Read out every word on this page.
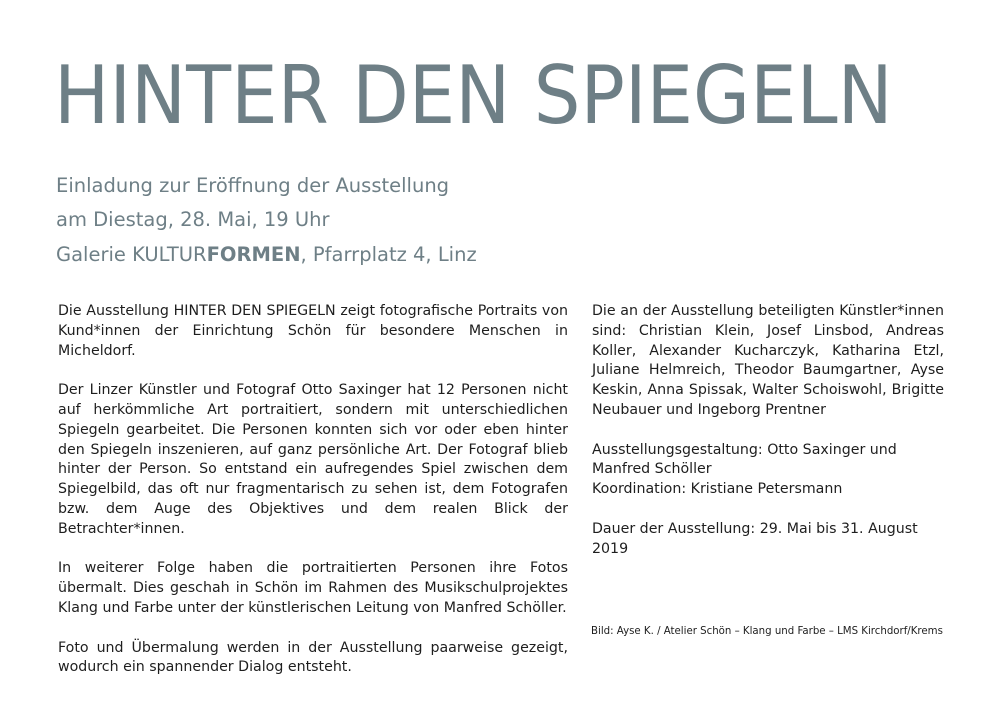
HINTER DEN SPIEGELN
Einladung zur Eröffnung der Ausstellung
am Diestag, 28. Mai, 19 Uhr
Galerie KULTURFORMEN, Pfarrplatz 4, Linz

Die Ausstellung HINTER DEN SPIEGELN zeigt fotografische Portraits von Kund*innen der Einrichtung Schön für besondere Menschen in Micheldorf.

Der Linzer Künstler und Fotograf Otto Saxinger hat 12 Personen nicht auf herkömmliche Art portraitiert, sondern mit unterschiedlichen Spiegeln gearbeitet. Die Personen konnten sich vor oder eben hinter den Spiegeln inszenieren, auf ganz persönliche Art. Der Fotograf blieb hinter der Person. So entstand ein aufregendes Spiel zwischen dem Spiegelbild, das oft nur fragmentarisch zu sehen ist, dem Fotografen bzw. dem Auge des Objektives und dem realen Blick der Betrachter*innen.

In weiterer Folge haben die portraitierten Personen ihre Fotos übermalt. Dies geschah in Schön im Rahmen des Musikschulprojektes Klang und Farbe unter der künstlerischen Leitung von Manfred Schöller.

Foto und Übermalung werden in der Ausstellung paarweise gezeigt, wodurch ein spannender Dialog entsteht.

Die an der Ausstellung beteiligten Künstler*innen sind: Christian Klein, Josef Linsbod, Andreas Koller, Alexander Kucharczyk, Katharina Etzl, Juliane Helmreich, Theodor Baumgartner, Ayse Keskin, Anna Spissak, Walter Schoiswohl, Brigitte Neubauer und Ingeborg Prentner

Ausstellungsgestaltung: Otto Saxinger und Manfred Schöller
Koordination: Kristiane Petersmann

Dauer der Ausstellung: 29. Mai bis 31. August 2019

Bild: Ayse K. / Atelier Schön – Klang und Farbe – LMS Kirchdorf/Krems
